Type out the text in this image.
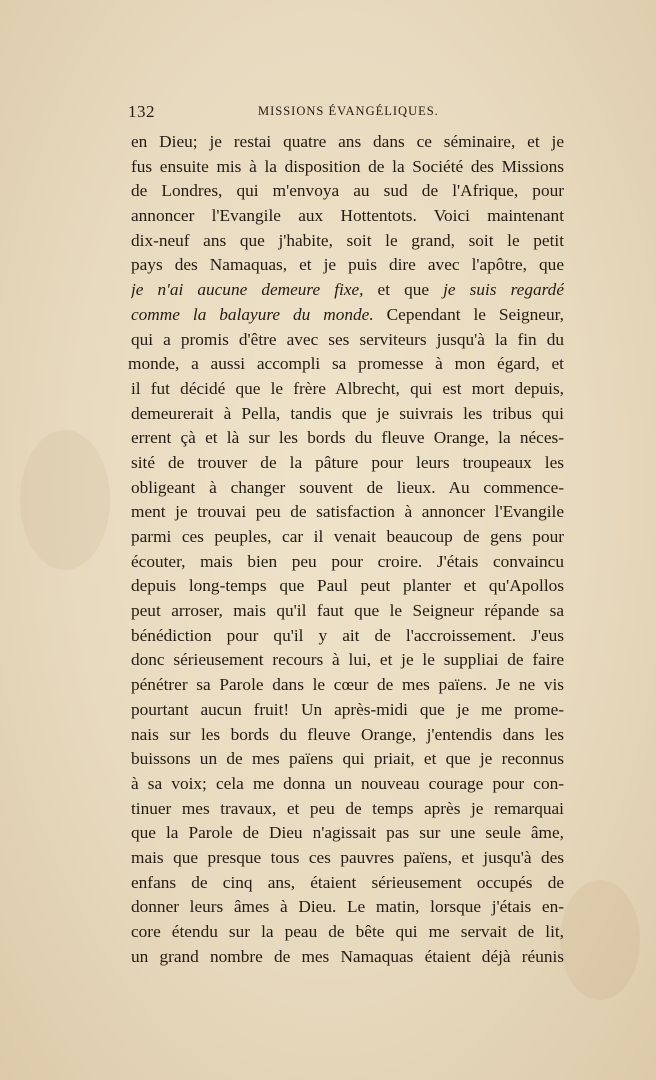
132	MISSIONS ÉVANGÉLIQUES.
en Dieu; je restai quatre ans dans ce séminaire, et je
fus ensuite mis à la disposition de la Société des Missions
de Londres, qui m'envoya au sud de l'Afrique, pour
annoncer l'Evangile aux Hottentots. Voici maintenant
dix-neuf ans que j'habite, soit le grand, soit le petit
pays des Namaquas, et je puis dire avec l'apôtre, que
je n'ai aucune demeure fixe, et que je suis regardé
comme la balayure du monde. Cependant le Seigneur,
qui a promis d'être avec ses serviteurs jusqu'à la fin du
monde, a aussi accompli sa promesse à mon égard, et
il fut décidé que le frère Albrecht, qui est mort depuis,
demeurerait à Pella, tandis que je suivrais les tribus qui
errent çà et là sur les bords du fleuve Orange, la néces-
sité de trouver de la pâture pour leurs troupeaux les
obligeant à changer souvent de lieux. Au commence-
ment je trouvai peu de satisfaction à annoncer l'Evangile
parmi ces peuples, car il venait beaucoup de gens pour
écouter, mais bien peu pour croire. J'étais convaincu
depuis long-temps que Paul peut planter et qu'Apollos
peut arroser, mais qu'il faut que le Seigneur répande sa
bénédiction pour qu'il y ait de l'accroissement. J'eus
donc sérieusement recours à lui, et je le suppliai de faire
pénétrer sa Parole dans le cœur de mes païens. Je ne vis
pourtant aucun fruit! Un après-midi que je me prome-
nais sur les bords du fleuve Orange, j'entendis dans les
buissons un de mes païens qui priait, et que je reconnus
à sa voix; cela me donna un nouveau courage pour con-
tinuer mes travaux, et peu de temps après je remarquai
que la Parole de Dieu n'agissait pas sur une seule âme,
mais que presque tous ces pauvres païens, et jusqu'à des
enfans de cinq ans, étaient sérieusement occupés de
donner leurs âmes à Dieu. Le matin, lorsque j'étais en-
core étendu sur la peau de bête qui me servait de lit,
un grand nombre de mes Namaquas étaient déjà réunis
